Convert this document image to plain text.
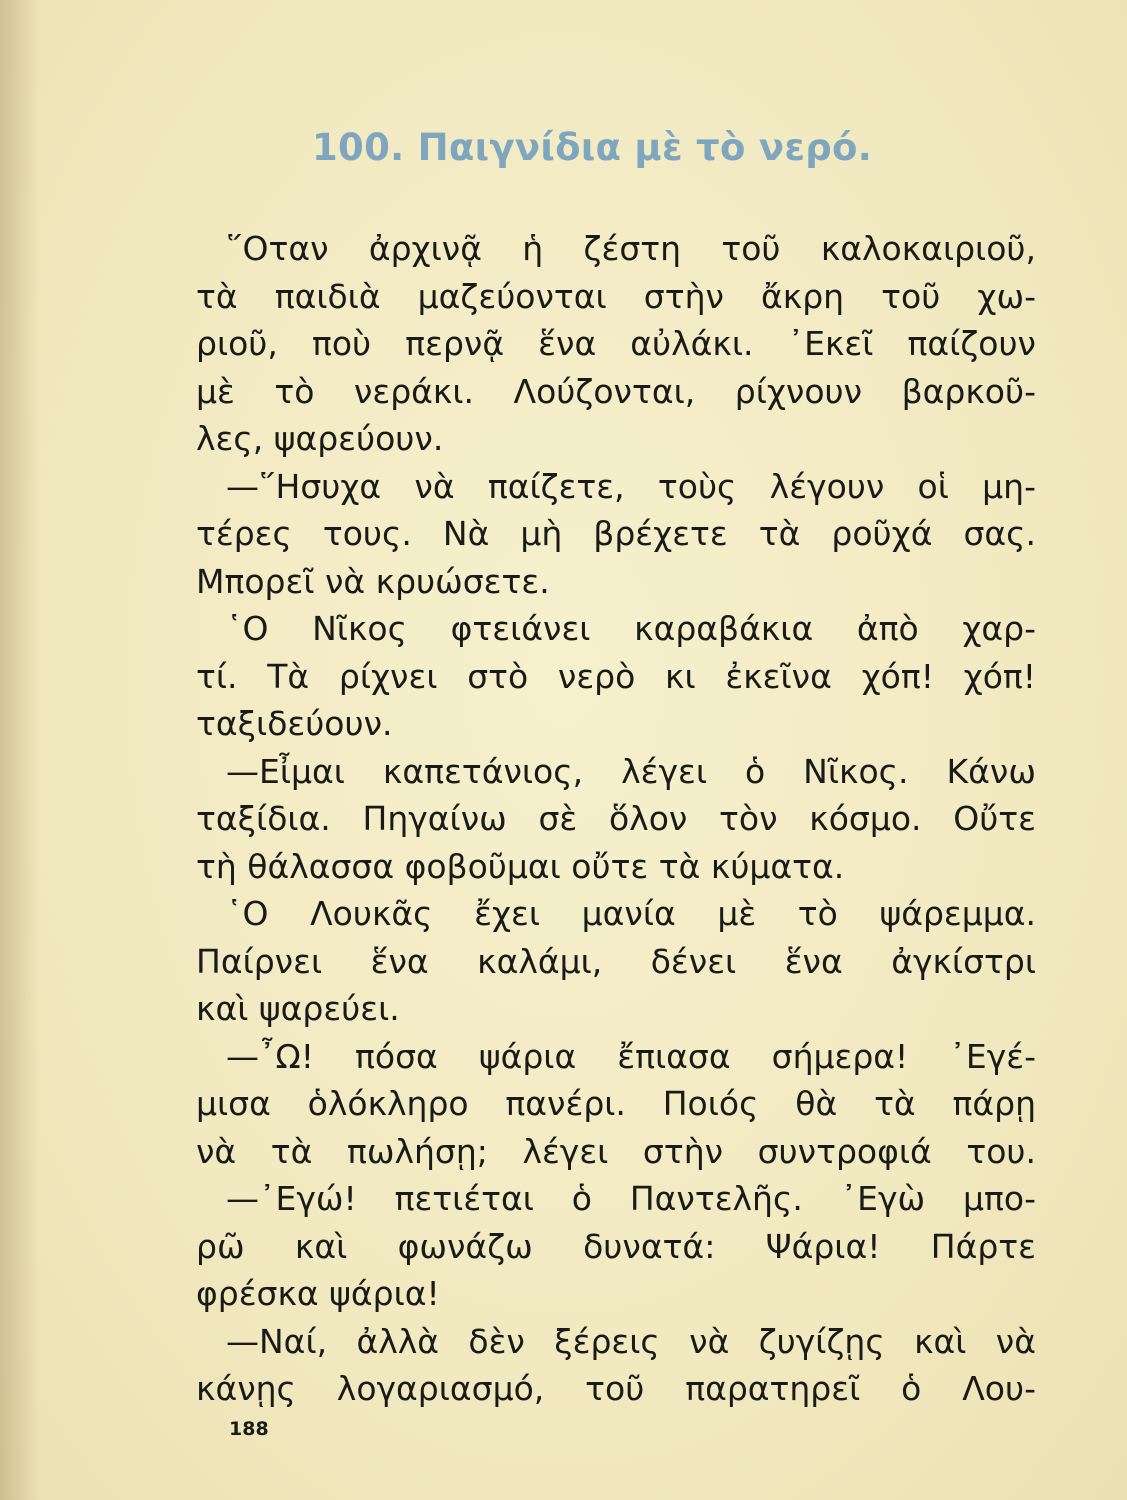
100. Παιγνίδια μὲ τὸ νερό.
῞Οταν ἀρχινᾷ ἡ ζέστη τοῦ καλοκαιριοῦ,
τὰ παιδιὰ μαζεύονται στὴν ἄκρη τοῦ χω-
ριοῦ, ποὺ περνᾷ ἕνα αὐλάκι. ᾿Εκεῖ παίζουν
μὲ τὸ νεράκι. Λούζονται, ρίχνουν βαρκοῦ-
λες, ψαρεύουν.
—῞Ησυχα νὰ παίζετε, τοὺς λέγουν οἱ μη-
τέρες τους. Νὰ μὴ βρέχετε τὰ ροῦχά σας.
Μπορεῖ νὰ κρυώσετε.
῾Ο Νῖκος φτειάνει καραβάκια ἀπὸ χαρ-
τί. Τὰ ρίχνει στὸ νερὸ κι ἐκεῖνα χόπ! χόπ!
ταξιδεύουν.
—Εἶμαι καπετάνιος, λέγει ὁ Νῖκος. Κάνω
ταξίδια. Πηγαίνω σὲ ὅλον τὸν κόσμο. Οὔτε
τὴ θάλασσα φοβοῦμαι οὔτε τὰ κύματα.
῾Ο Λουκᾶς ἔχει μανία μὲ τὸ ψάρεμμα.
Παίρνει ἕνα καλάμι, δένει ἕνα ἀγκίστρι
καὶ ψαρεύει.
—῏Ω! πόσα ψάρια ἔπιασα σήμερα! ᾿Εγέ-
μισα ὁλόκληρο πανέρι. Ποιός θὰ τὰ πάρῃ
νὰ τὰ πωλήσῃ; λέγει στὴν συντροφιά του.
—᾿Εγώ! πετιέται ὁ Παντελῆς. ᾿Εγὼ μπο-
ρῶ καὶ φωνάζω δυνατά: Ψάρια! Πάρτε
φρέσκα ψάρια!
—Ναί, ἀλλὰ δὲν ξέρεις νὰ ζυγίζῃς καὶ νὰ
κάνῃς λογαριασμό, τοῦ παρατηρεῖ ὁ Λου-
188
